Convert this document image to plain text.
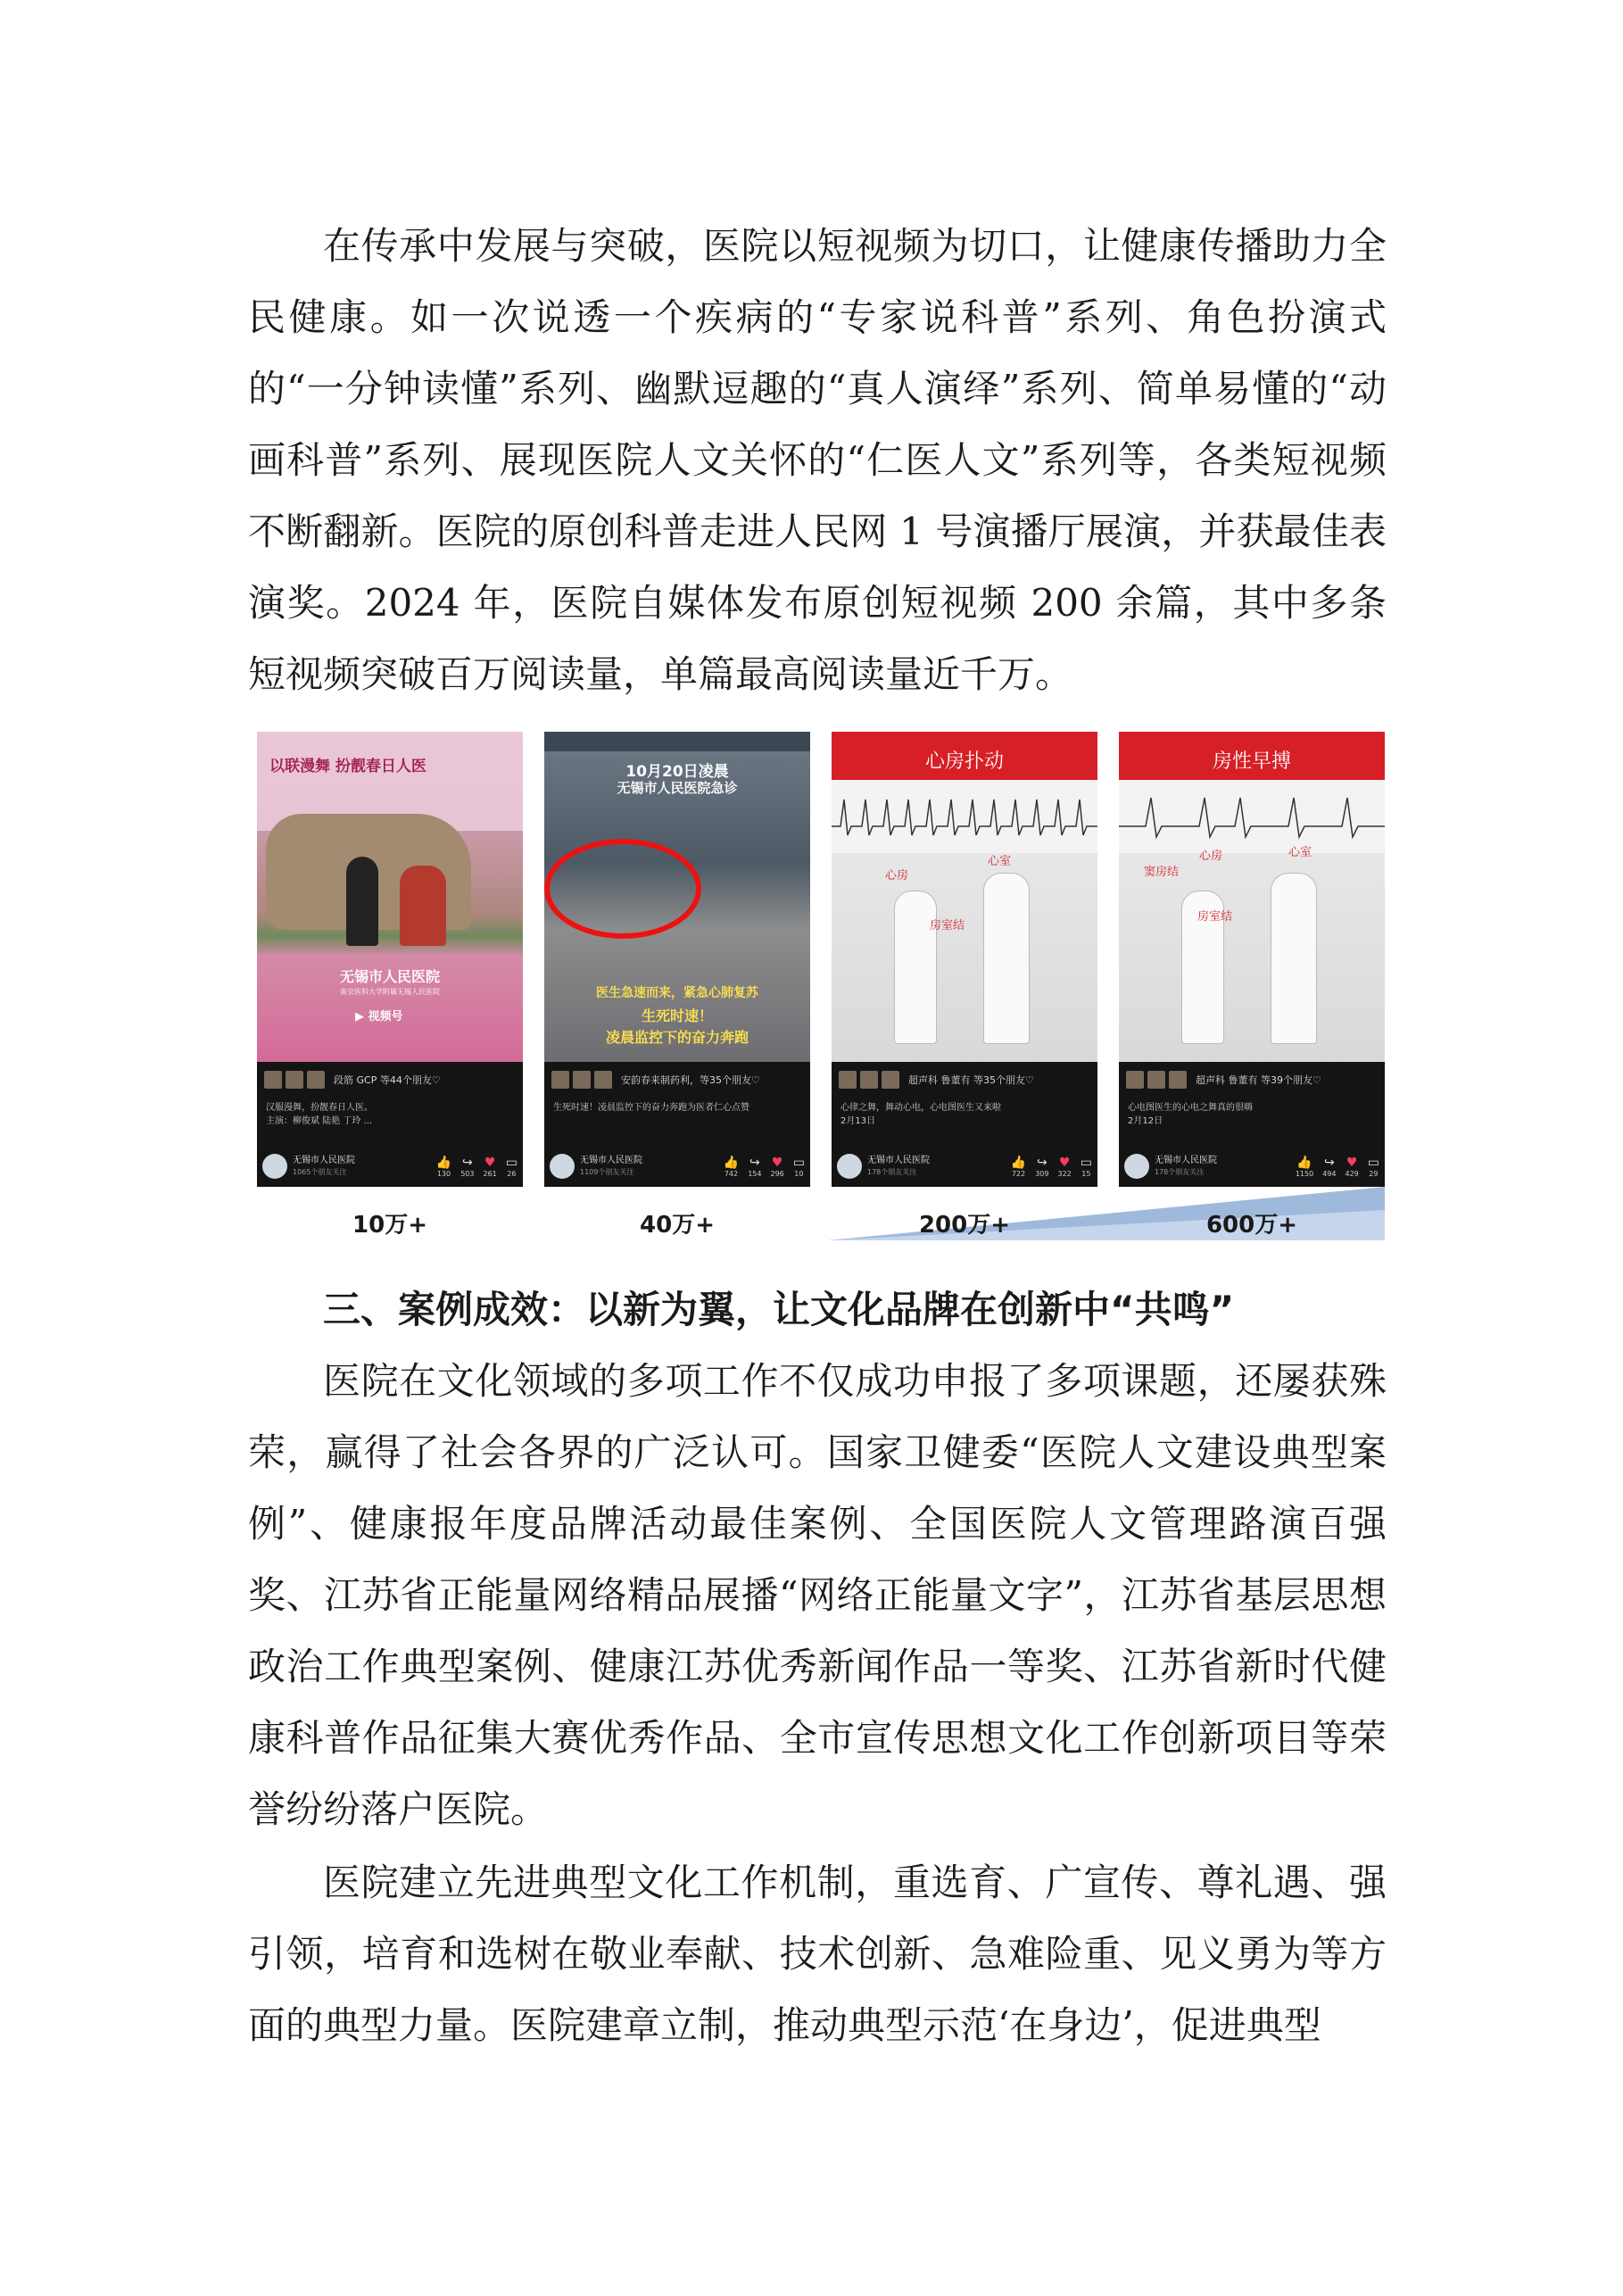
在传承中发展与突破，医院以短视频为切口，让健康传播助力全民健康。如一次说透一个疾病的“专家说科普”系列、角色扮演式的“一分钟读懂”系列、幽默逗趣的“真人演绎”系列、简单易懂的“动画科普”系列、展现医院人文关怀的“仁医人文”系列等，各类短视频不断翻新。医院的原创科普走进人民网 1 号演播厅展演，并获最佳表演奖。2024 年，医院自媒体发布原创短视频 200 余篇，其中多条短视频突破百万阅读量，单篇最高阅读量近千万。

以联漫舞 扮靓春日人医
无锡市人民医院
南京医科大学附属无锡人民医院
▶ 视频号
段筋 GCP 等44个朋友♡
汉服漫舞，扮靓春日人医。
主演：柳俊斌 陆艳 丁玲 ...
无锡市人民医院
1065个朋友关注
👍
130
↪
503
♥
261
▭
26
10月20日凌晨
无锡市人民医院急诊
医生急速而来，紧急心肺复苏
生死时速！
凌晨监控下的奋力奔跑
安韵春来制药利，等35个朋友♡
生死时速！凌晨监控下的奋力奔跑为医者仁心点赞
无锡市人民医院
1109个朋友关注
👍
742
↪
154
♥
296
▭
10
心房扑动
心房
心室
房室结
超声科 鲁董有 等35个朋友♡
心律之舞，舞动心电，心电图医生又来啦
2月13日
无锡市人民医院
178个朋友关注
👍
722
↪
309
♥
322
▭
15
房性早搏
窦房结
心房	心室
房室结
超声科 鲁董有 等39个朋友♡
心电图医生的心电之舞真的很嗨
2月12日
无锡市人民医院
178个朋友关注
👍
1150
↪
494
♥
429
▭
29
10万+	40万+	200万+	600万+
三、案例成效：以新为翼，让文化品牌在创新中“共鸣”

医院在文化领域的多项工作不仅成功申报了多项课题，还屡获殊荣，赢得了社会各界的广泛认可。国家卫健委“医院人文建设典型案例”、健康报年度品牌活动最佳案例、全国医院人文管理路演百强奖、江苏省正能量网络精品展播“网络正能量文字”，江苏省基层思想政治工作典型案例、健康江苏优秀新闻作品一等奖、江苏省新时代健康科普作品征集大赛优秀作品、全市宣传思想文化工作创新项目等荣誉纷纷落户医院。

医院建立先进典型文化工作机制，重选育、广宣传、尊礼遇、强引领，培育和选树在敬业奉献、技术创新、急难险重、见义勇为等方面的典型力量。医院建章立制，推动典型示范‘在身边’，促进典型
